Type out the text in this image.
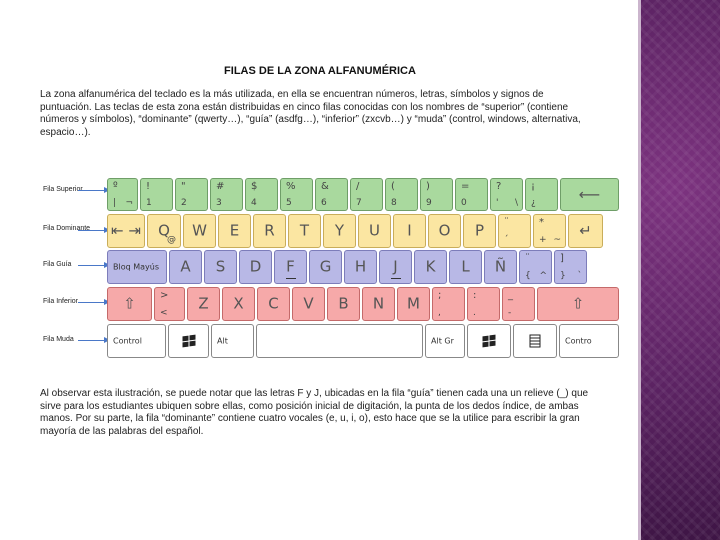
FILAS DE LA ZONA ALFANUMÉRICA

La zona alfanumérica del teclado es la más utilizada, en ella se encuentran números, letras, símbolos y signos de puntuación. Las teclas de esta zona están distribuidas en cinco filas conocidas con los nombres de “superior” (contiene números y símbolos), “dominante” (qwerty…), “guía” (asdfg…), “inferior” (zxcvb…) y “muda” (control, windows, alternativa, espacio…).

Fila Superior
Fila Dominante
Fila Guía
Fila Inferior
Fila Muda
º
| ¬
!
1
"
2
#
3
$
4
%
5
&
6
/
7
(
8
)
9
=
0
?
' \
¡
¿	⟵
⇤ ⇥	Q
@
W	E	R	T	Y	U	I	O	P	¨
´
*
+ ~
↵
Bloq Mayús	A	S	D	F	G	H	J	K	L	Ñ	¨
{ ^
]
} `
⇧	>
<
Z	X	C	V	B	N	M	;
,
:
.
_
-
⇧
Control	Alt	Alt Gr	Contro

Al observar esta ilustración, se puede notar que las letras F y J, ubicadas en la fila “guía” tienen cada una un relieve (_) que sirve para los estudiantes ubiquen sobre ellas, como posición inicial de digitación, la punta de los dedos índice, de ambas manos. Por su parte, la fila “dominante” contiene cuatro vocales (e, u, i, o), esto hace que se la utilice para escribir la gran mayoría de las palabras del español.
